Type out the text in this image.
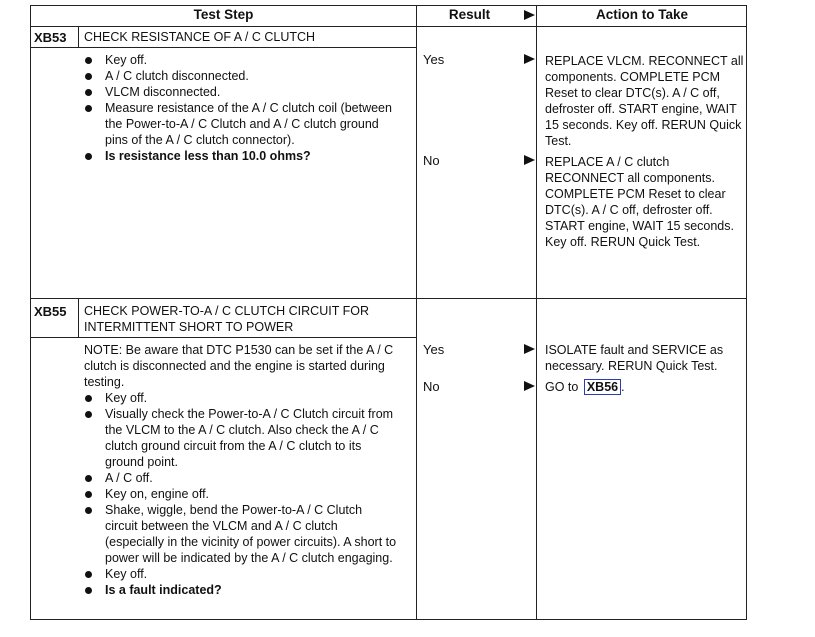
Test Step	Result	Action to Take
XB53 CHECK RESISTANCE OF A / C CLUTCH
Key off.
A / C clutch disconnected.
VLCM disconnected.
Measure resistance of the A / C clutch coil (between the Power-to-A / C Clutch and A / C clutch ground pins of the A / C clutch connector).
Is resistance less than 10.0 ohms?
Yes	REPLACE VLCM. RECONNECT all components. COMPLETE PCM Reset to clear DTC(s). A / C off, defroster off. START engine, WAIT 15 seconds. Key off. RERUN Quick Test.
No	REPLACE A / C clutch RECONNECT all components. COMPLETE PCM Reset to clear DTC(s). A / C off, defroster off. START engine, WAIT 15 seconds. Key off. RERUN Quick Test.
XB55 CHECK POWER-TO-A / C CLUTCH CIRCUIT FOR INTERMITTENT SHORT TO POWER
NOTE: Be aware that DTC P1530 can be set if the A / C clutch is disconnected and the engine is started during testing.
Key off.
Visually check the Power-to-A / C Clutch circuit from the VLCM to the A / C clutch. Also check the A / C clutch ground circuit from the A / C clutch to its ground point.
A / C off.
Key on, engine off.
Shake, wiggle, bend the Power-to-A / C Clutch circuit between the VLCM and A / C clutch (especially in the vicinity of power circuits). A short to power will be indicated by the A / C clutch engaging.
Key off.
Is a fault indicated?
Yes	ISOLATE fault and SERVICE as necessary. RERUN Quick Test.
No	GO to XB56 .
